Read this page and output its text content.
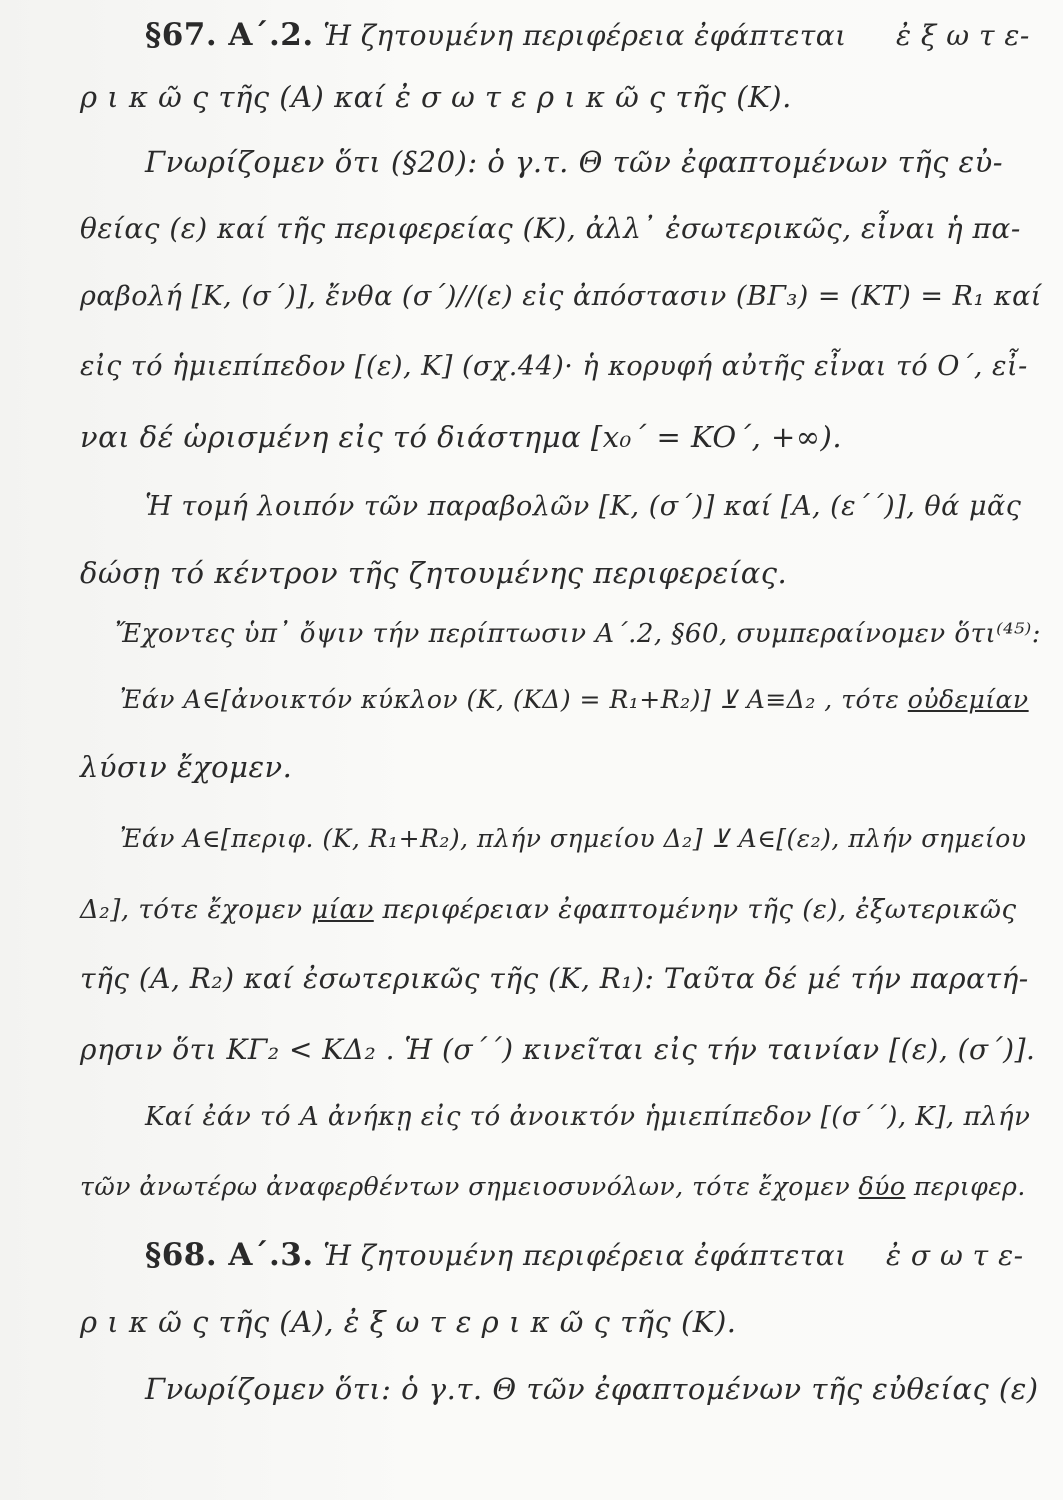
§67. A΄.2. Ἡ ζητουμένη περιφέρεια ἐφάπτεται ἐ ξ ω τ ε-
ρ ι κ ῶ ς τῆς (A) καί ἐ σ ω τ ε ρ ι κ ῶ ς τῆς (K).
Γνωρίζομεν ὅτι (§20): ὁ γ.τ. Θ τῶν ἐφαπτομένων τῆς εὐ-
θείας (ε) καί τῆς περιφερείας (K), ἀλλ᾿ ἐσωτερικῶς, εἶναι ἡ πα-
ραβολή [K, (σ΄)], ἔνθα (σ΄)//(ε) εἰς ἀπόστασιν (BΓ₃) = (KT) = R₁ καί
εἰς τό ἡμιεπίπεδον [(ε), K] (σχ.44)· ἡ κορυφή αὐτῆς εἶναι τό O΄, εἶ-
ναι δέ ὡρισμένη εἰς τό διάστημα [x₀΄ = KO΄, +∞).
Ἡ τομή λοιπόν τῶν παραβολῶν [K, (σ΄)] καί [A, (ε΄΄)], θά μᾶς
δώσῃ τό κέντρον τῆς ζητουμένης περιφερείας.
Ἔχοντες ὑπ᾿ ὄψιν τήν περίπτωσιν A΄.2, §60, συμπεραίνομεν ὅτι⁽⁴⁵⁾:
Ἐάν A∈[ἀνοικτόν κύκλον (K, (KΔ) = R₁+R₂)] ⊻ A≡Δ₂ , τότε οὐδεμίαν
λύσιν ἔχομεν.
Ἐάν A∈[περιφ. (K, R₁+R₂), πλήν σημείου Δ₂] ⊻ A∈[(ε₂), πλήν σημείου
Δ₂], τότε ἔχομεν μίαν περιφέρειαν ἐφαπτομένην τῆς (ε), ἐξωτερικῶς
τῆς (A, R₂) καί ἐσωτερικῶς τῆς (K, R₁): Ταῦτα δέ μέ τήν παρατή-
ρησιν ὅτι KΓ₂ < KΔ₂ . Ἡ (σ΄΄) κινεῖται εἰς τήν ταινίαν [(ε), (σ΄)].
Καί ἐάν τό A ἀνήκῃ εἰς τό ἀνοικτόν ἡμιεπίπεδον [(σ΄΄), K], πλήν
τῶν ἀνωτέρω ἀναφερθέντων σημειοσυνόλων, τότε ἔχομεν δύο περιφερ.
§68. A΄.3. Ἡ ζητουμένη περιφέρεια ἐφάπτεται ἐ σ ω τ ε-
ρ ι κ ῶ ς τῆς (A), ἐ ξ ω τ ε ρ ι κ ῶ ς τῆς (K).
Γνωρίζομεν ὅτι: ὁ γ.τ. Θ τῶν ἐφαπτομένων τῆς εὐθείας (ε)
